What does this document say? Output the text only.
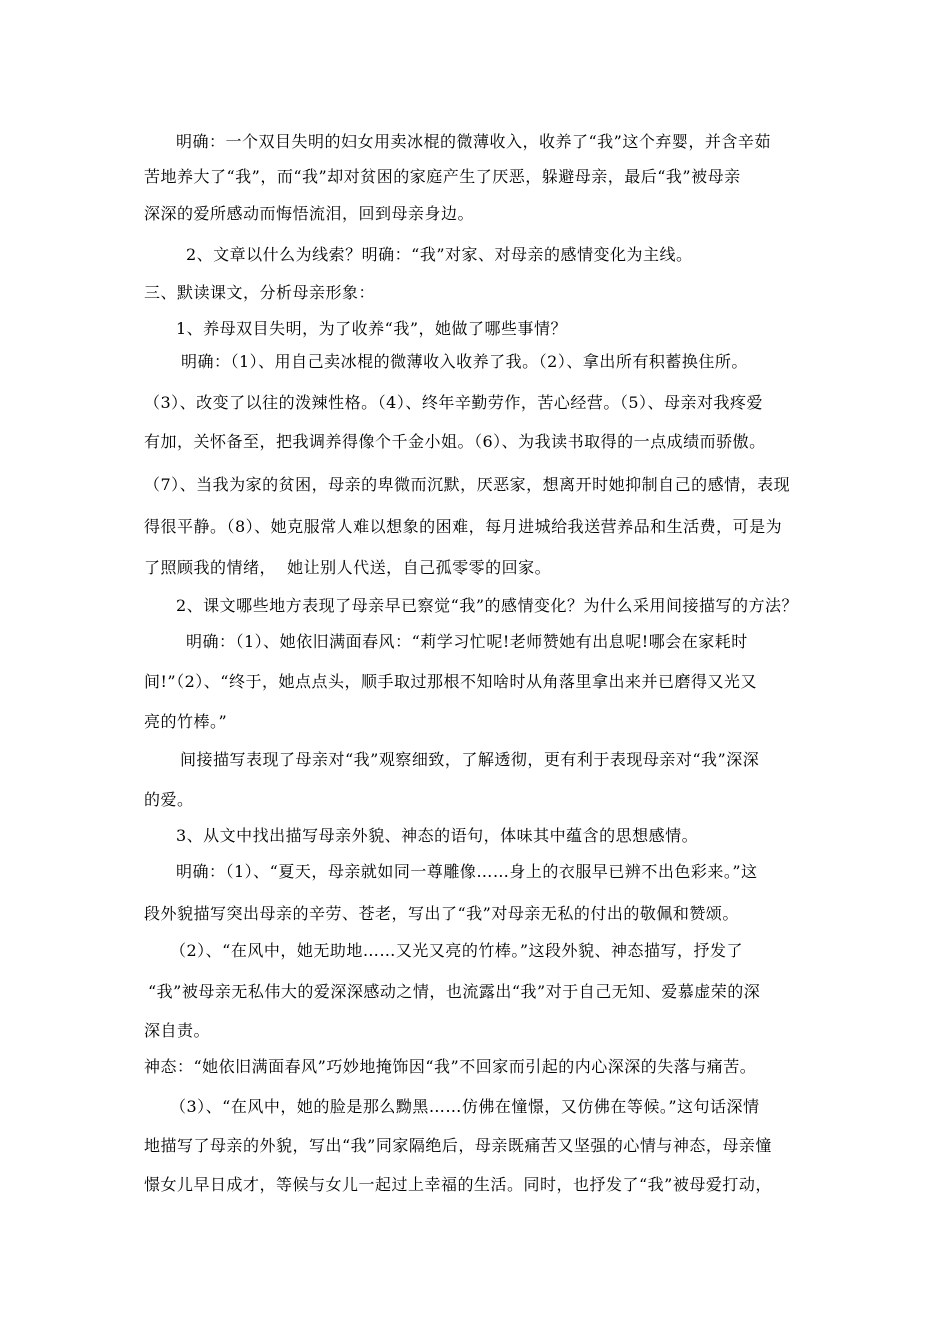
明确：一个双目失明的妇女用卖冰棍的微薄收入，收养了“我”这个弃婴，并含辛茹
苦地养大了“我”，而“我”却对贫困的家庭产生了厌恶，躲避母亲，最后“我”被母亲
深深的爱所感动而悔悟流泪，回到母亲身边。
2、文章以什么为线索？明确：“我”对家、对母亲的感情变化为主线。
三、默读课文，分析母亲形象：
1、养母双目失明，为了收养“我”，她做了哪些事情？
明确：（1）、用自己卖冰棍的微薄收入收养了我。（2）、拿出所有积蓄换住所。
（3）、改变了以往的泼辣性格。（4）、终年辛勤劳作，苦心经营。（5）、母亲对我疼爱
有加，关怀备至，把我调养得像个千金小姐。（6）、为我读书取得的一点成绩而骄傲。
（7）、当我为家的贫困，母亲的卑微而沉默，厌恶家，想离开时她抑制自己的感情，表现
得很平静。（8）、她克服常人难以想象的困难，每月进城给我送营养品和生活费，可是为
了照顾我的情绪，  她让别人代送，自己孤零零的回家。
2、课文哪些地方表现了母亲早已察觉“我”的感情变化？为什么采用间接描写的方法？
明确：（1）、她依旧满面春风：“莉学习忙呢!老师赞她有出息呢!哪会在家耗时
间!”（2）、“终于，她点点头，顺手取过那根不知啥时从角落里拿出来并已磨得又光又
亮的竹棒。”
间接描写表现了母亲对“我”观察细致，了解透彻，更有利于表现母亲对“我”深深
的爱。
3、从文中找出描写母亲外貌、神态的语句，体味其中蕴含的思想感情。
明确：（1）、“夏天，母亲就如同一尊雕像……身上的衣服早已辨不出色彩来。”这
段外貌描写突出母亲的辛劳、苍老，写出了“我”对母亲无私的付出的敬佩和赞颂。
（2）、“在风中，她无助地……又光又亮的竹棒。”这段外貌、神态描写，抒发了
“我”被母亲无私伟大的爱深深感动之情，也流露出“我”对于自己无知、爱慕虚荣的深
深自责。
神态：“她依旧满面春风”巧妙地掩饰因“我”不回家而引起的内心深深的失落与痛苦。
（3）、“在风中，她的脸是那么黝黑……仿佛在憧憬，又仿佛在等候。”这句话深情
地描写了母亲的外貌，写出“我”同家隔绝后，母亲既痛苦又坚强的心情与神态，母亲憧
憬女儿早日成才，等候与女儿一起过上幸福的生活。同时，也抒发了“我”被母爱打动，
